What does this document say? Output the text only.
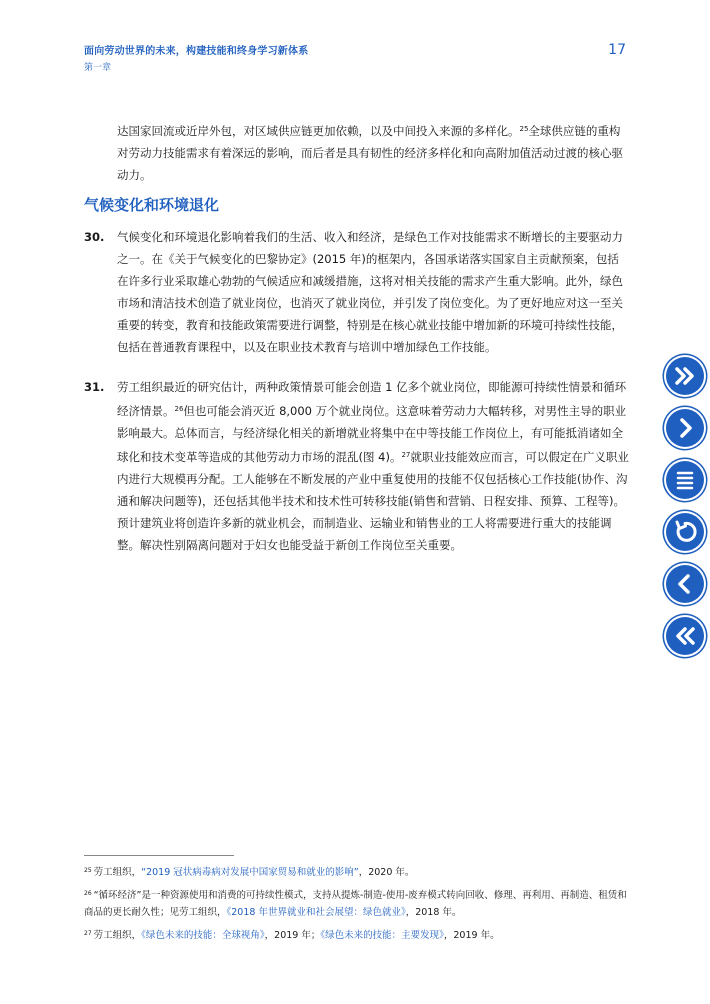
面向劳动世界的未来，构建技能和终身学习新体系
第一章
17
达国家回流或近岸外包，对区域供应链更加依赖，以及中间投入来源的多样化。$^{25}$全球供应链的重构对劳动力技能需求有着深远的影响，而后者是具有韧性的经济多样化和向高附加值活动过渡的核心驱动力。
气候变化和环境退化
30.	气候变化和环境退化影响着我们的生活、收入和经济，是绿色工作对技能需求不断增长的主要驱动力之一。在《关于气候变化的巴黎协定》(2015 年)的框架内，各国承诺落实国家自主贡献预案，包括在许多行业采取雄心勃勃的气候适应和减缓措施，这将对相关技能的需求产生重大影响。此外，绿色市场和清洁技术创造了就业岗位，也消灭了就业岗位，并引发了岗位变化。为了更好地应对这一至关重要的转变，教育和技能政策需要进行调整，特别是在核心就业技能中增加新的环境可持续性技能，包括在普通教育课程中，以及在职业技术教育与培训中增加绿色工作技能。
31.	劳工组织最近的研究估计，两种政策情景可能会创造 1 亿多个就业岗位，即能源可持续性情景和循环经济情景。$^{26}$但也可能会消灭近 8,000 万个就业岗位。这意味着劳动力大幅转移，对男性主导的职业影响最大。总体而言，与经济绿化相关的新增就业将集中在中等技能工作岗位上，有可能抵消诸如全球化和技术变革等造成的其他劳动力市场的混乱(图 4)。$^{27}$就职业技能效应而言，可以假定在广义职业内进行大规模再分配。工人能够在不断发展的产业中重复使用的技能不仅包括核心工作技能(协作、沟通和解决问题等)，还包括其他半技术和技术性可转移技能(销售和营销、日程安排、预算、工程等)。预计建筑业将创造许多新的就业机会，而制造业、运输业和销售业的工人将需要进行重大的技能调整。解决性别隔离问题对于妇女也能受益于新创工作岗位至关重要。
$^{25}$ 劳工组织，“2019 冠状病毒病对发展中国家贸易和就业的影响”，2020 年。
$^{26}$ “循环经济”是一种资源使用和消费的可持续性模式，支持从提炼-制造-使用-废弃模式转向回收、修理、再利用、再制造、租赁和商品的更长耐久性；见劳工组织，《2018 年世界就业和社会展望：绿色就业》，2018 年。
$^{27}$ 劳工组织，《绿色未来的技能：全球视角》，2019 年；《绿色未来的技能：主要发现》，2019 年。
